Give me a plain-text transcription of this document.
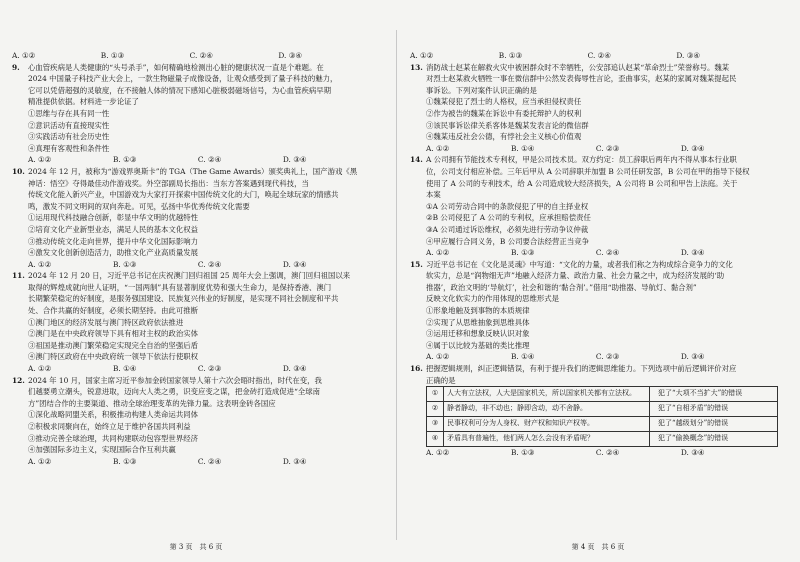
A. ①②	B. ①③	C. ②④	D. ③④
9.	心血管疾病是人类健康的“头号杀手”，如何精确地检测出心脏的健康状况一直是个难题。在
2024 中国量子科技产业大会上，一款生物磁量子成像设备，让观众感受到了量子科技的魅力，
它可以凭借超强的灵敏度，在不接触人体的情况下感知心脏极弱磁场信号，为心血管疾病早期
精准提供依据。材料进一步论证了
①思维与存在具有同一性
②意识活动有直接现实性
③实践活动有社会历史性
④真理有客观性和条件性
A. ①②	B. ①③	C. ②④	D. ③④
10. 2024 年 12 月，被称为“游戏界奥斯卡”的 TGA（The Game Awards）颁奖典礼上，国产游戏《黑
神话：悟空》夺得最佳动作游戏奖。外空部副局长指出：当东方答案遇到现代科技，当
传统文化能入新兴产业，中国游戏为大家打开探索中国传统文化的大门，唤起全球玩家的情感共
鸣，激发不同文明间的双向奔赴。可见，弘扬中华优秀传统文化需要
①运用现代科技融合创新，彰显中华文明的优越特性
②培育文化产业新型业态，满足人民的基本文化权益
③推动传统文化走向世界，提升中华文化国际影响力
④激发文化创新创造活力，助推文化产业高质量发展
A. ①②	B. ①③	C. ②④	D. ③④
11. 2024 年 12 月 20 日，习近平总书记在庆祝澳门回归祖国 25 周年大会上强调，澳门回归祖国以来
取得的辉煌成就向世人证明，“一国两制”具有显著制度优势和强大生命力，是保持香港、澳门
长期繁荣稳定的好制度，是服务强国建设、民族复兴伟业的好制度，是实现不同社会制度和平共
处、合作共赢的好制度，必须长期坚持。由此可推断
①澳门地区的经济发展与澳门特区政府依法推进
②澳门是在中央政府领导下具有相对主权的政治实体
③祖国是推动澳门繁荣稳定实现完全自治的坚强后盾
④澳门特区政府在中央政府统一领导下依法行使职权
A. ①②	B. ①④	C. ②③	D. ③④
12. 2024 年 10 月，国家主席习近平参加金砖国家领导人第十六次会晤时指出，时代在变，我
们越要勇立潮头，锐意进取，迈向大人类之勇，识变应变之谋，把金砖打造成促进“全球南
方”团结合作的主要渠道、推动全球治理变革的先锋力量。这表明金砖各国应
①深化战略同盟关系，积极推动构建人类命运共同体
②积极求同聚向在，始终立足于维护各国共同利益
③推动完善全球治理，共同构建联动包容型世界经济
④加强国际多边主义，实现国际合作互利共赢
A. ①②	B. ①③	C. ②④	D. ③④
第 3 页　共 6 页
A. ①②	B. ①③	C. ②④	D. ③④
13. 消防战士赵某在解救火灾中被困群众时不幸牺牲，公安部追认赵某“革命烈士”荣誉称号。魏某
对烈士赵某救火牺牲一事在微信群中公然发表侮辱性言论，歪曲事实，赵某的家属对魏某提起民
事诉讼。下列对案件认识正确的是
①魏某侵犯了烈士的人格权，应当承担侵权责任
②作为被告的魏某在诉讼中有委托辩护人的权利
③该民事诉讼律关系客体是魏某发表言论的微信群
④魏某违反社会公德，有悖社会主义核心价值观
A. ①②	B. ①④	C. ②③	D. ③④
14. A 公司拥有节能技术专利权，甲是公司技术员。双方约定：员工辞职后两年内不得从事本行业职
位，公司支付相应补偿。三年后甲从 A 公司辞职并加盟 B 公司任研发部，B 公司在甲的指导下侵权
使用了 A 公司的专利技术，给 A 公司造成较大经济损失，A 公司将 B 公司和甲告上法庭。关于
本案
①A 公司劳动合同中的条款侵犯了甲的自主择业权
②B 公司侵犯了 A 公司的专利权，应承担赔偿责任
③A 公司通过诉讼维权，必须先进行劳动争议仲裁
④甲应履行合同义务，B 公司要合法经营正当竞争
A. ①②	B. ①③	C. ②④	D. ③④
15. 习近平总书记在《文化是灵魂》中写道：“文化的力量，或者我们称之为构成综合竞争力的文化
软实力，总是“润物细无声”地融入经济力量、政治力量、社会力量之中，成为经济发展的‘助
推器’，政治文明的‘导航灯’，社会和谐的‘黏合剂’。”借用“助推器、导航灯、黏合剂”
反映文化软实力的作用体现的思维形式是
①形象地触及到事物的本质规律
②实现了从思维抽象到思维具体
③运用迁移和想象反映认识对象
④属于以比较为基础的类比推理
A. ①②	B. ①④	C. ②③	D. ③④
16. 把握逻辑规则，纠正逻辑错误，有利于提升我们的逻辑思维能力。下列选项中前后逻辑评价对应
正确的是
①	人大有立法权，人大是国家机关，所以国家机关都有立法权。	犯了“大项不当扩大”的错误
②	静者静动，非不动也；静即含动，动不舍静。	犯了“自相矛盾”的错误
③	民事权利可分为人身权、财产权和知识产权等。	犯了“越级划分”的错误
④	矛盾具有普遍性，他们两人怎么会没有矛盾呢？	犯了“偷换概念”的错误
A. ①②	B. ①③	C. ②④	D. ③④
第 4 页　共 6 页
